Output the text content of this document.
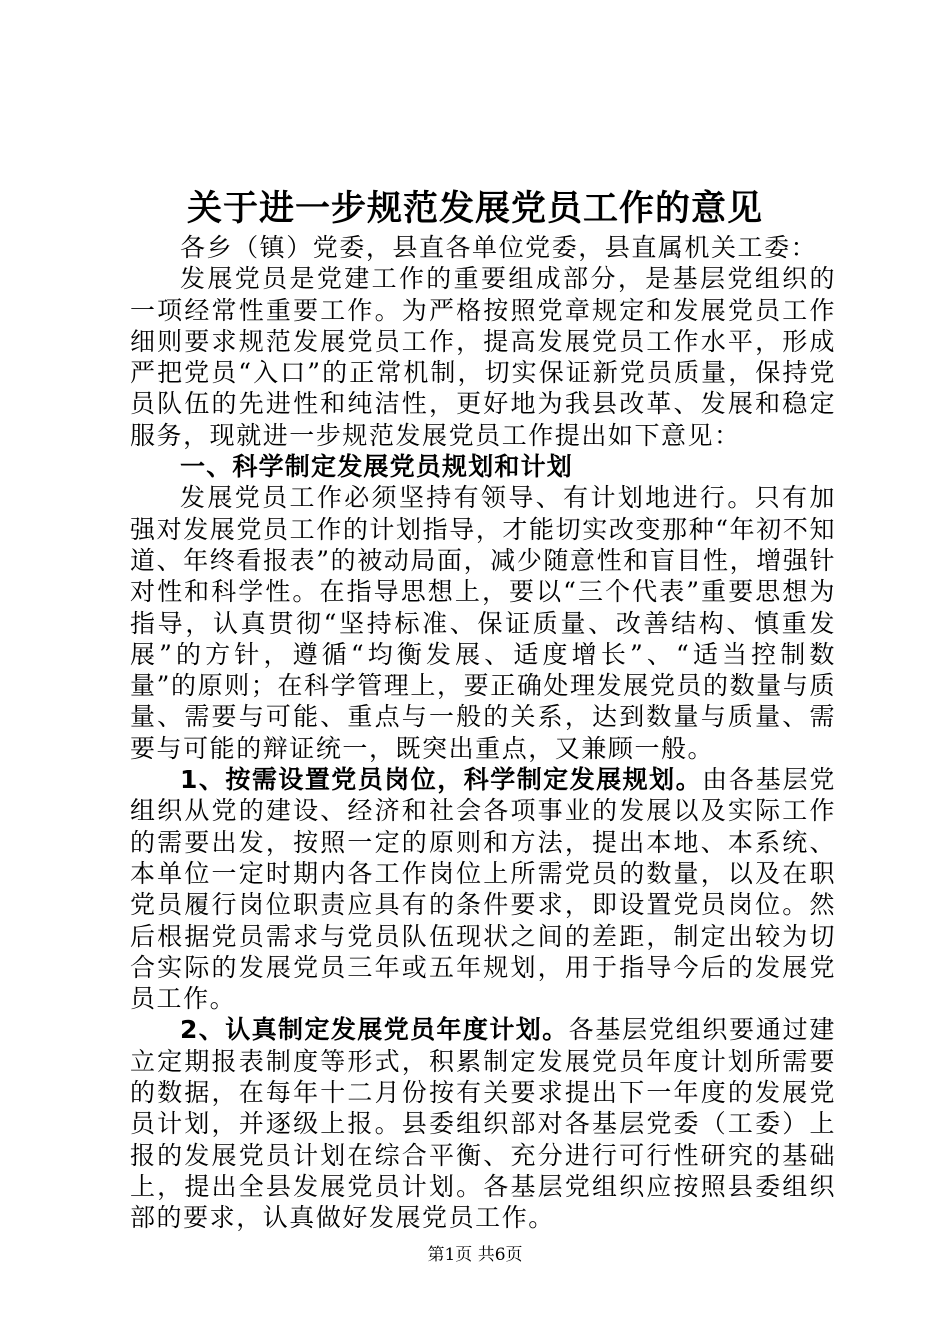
关于进一步规范发展党员工作的意见

各乡（镇）党委，县直各单位党委，县直属机关工委：

发展党员是党建工作的重要组成部分，是基层党组织的一项经常性重要工作。为严格按照党章规定和发展党员工作细则要求规范发展党员工作，提高发展党员工作水平，形成严把党员“入口”的正常机制，切实保证新党员质量，保持党员队伍的先进性和纯洁性，更好地为我县改革、发展和稳定服务，现就进一步规范发展党员工作提出如下意见：

一、科学制定发展党员规划和计划

发展党员工作必须坚持有领导、有计划地进行。只有加强对发展党员工作的计划指导，才能切实改变那种“年初不知道、年终看报表”的被动局面，减少随意性和盲目性，增强针对性和科学性。在指导思想上，要以“三个代表”重要思想为指导，认真贯彻“坚持标准、保证质量、改善结构、慎重发展”的方针，遵循“均衡发展、适度增长”、“适当控制数量”的原则；在科学管理上，要正确处理发展党员的数量与质量、需要与可能、重点与一般的关系，达到数量与质量、需要与可能的辩证统一，既突出重点，又兼顾一般。

1、按需设置党员岗位，科学制定发展规划。由各基层党组织从党的建设、经济和社会各项事业的发展以及实际工作的需要出发，按照一定的原则和方法，提出本地、本系统、本单位一定时期内各工作岗位上所需党员的数量，以及在职党员履行岗位职责应具有的条件要求，即设置党员岗位。然后根据党员需求与党员队伍现状之间的差距，制定出较为切合实际的发展党员三年或五年规划，用于指导今后的发展党员工作。

2、认真制定发展党员年度计划。各基层党组织要通过建立定期报表制度等形式，积累制定发展党员年度计划所需要的数据，在每年十二月份按有关要求提出下一年度的发展党员计划，并逐级上报。县委组织部对各基层党委（工委）上报的发展党员计划在综合平衡、充分进行可行性研究的基础上，提出全县发展党员计划。各基层党组织应按照县委组织部的要求，认真做好发展党员工作。

第1页 共6页
